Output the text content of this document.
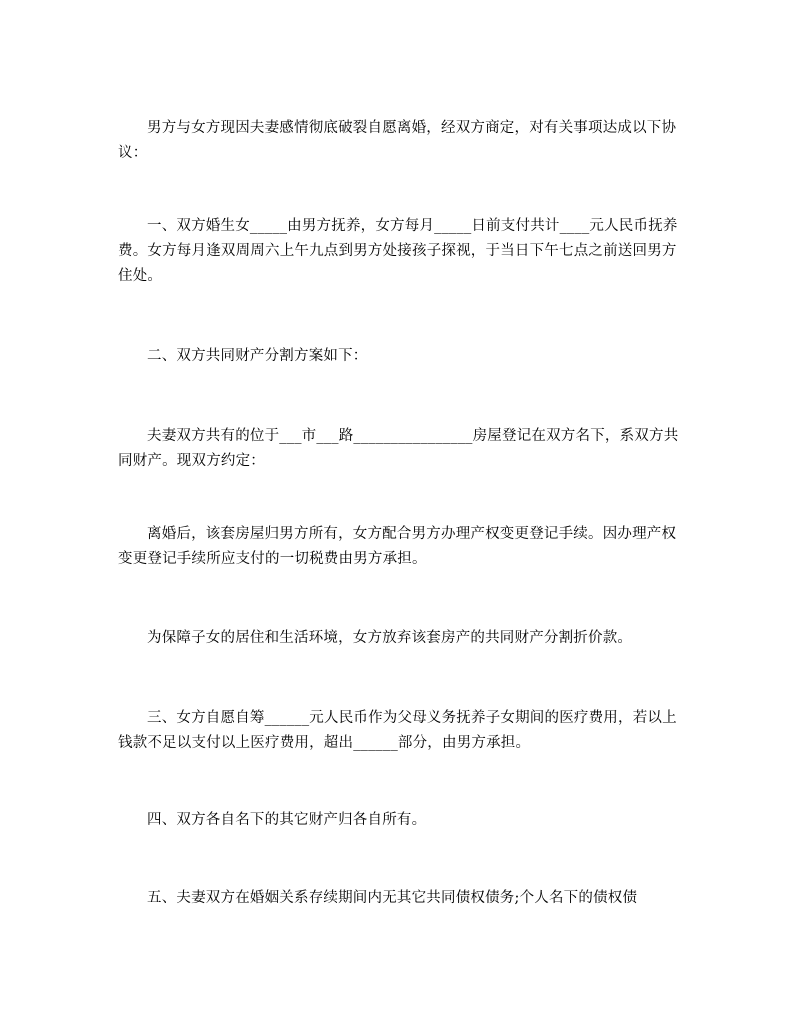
男方与女方现因夫妻感情彻底破裂自愿离婚，经双方商定，对有关事项达成以下协议：

一、双方婚生女_____由男方抚养，女方每月_____日前支付共计____元人民币抚养费。女方每月逢双周周六上午九点到男方处接孩子探视，于当日下午七点之前送回男方住处。

二、双方共同财产分割方案如下：

夫妻双方共有的位于___市___路________________房屋登记在双方名下，系双方共同财产。现双方约定：

离婚后，该套房屋归男方所有，女方配合男方办理产权变更登记手续。因办理产权变更登记手续所应支付的一切税费由男方承担。

为保障子女的居住和生活环境，女方放弃该套房产的共同财产分割折价款。

三、女方自愿自筹______元人民币作为父母义务抚养子女期间的医疗费用，若以上钱款不足以支付以上医疗费用，超出______部分，由男方承担。

四、双方各自名下的其它财产归各自所有。

五、夫妻双方在婚姻关系存续期间内无其它共同债权债务;个人名下的债权债
